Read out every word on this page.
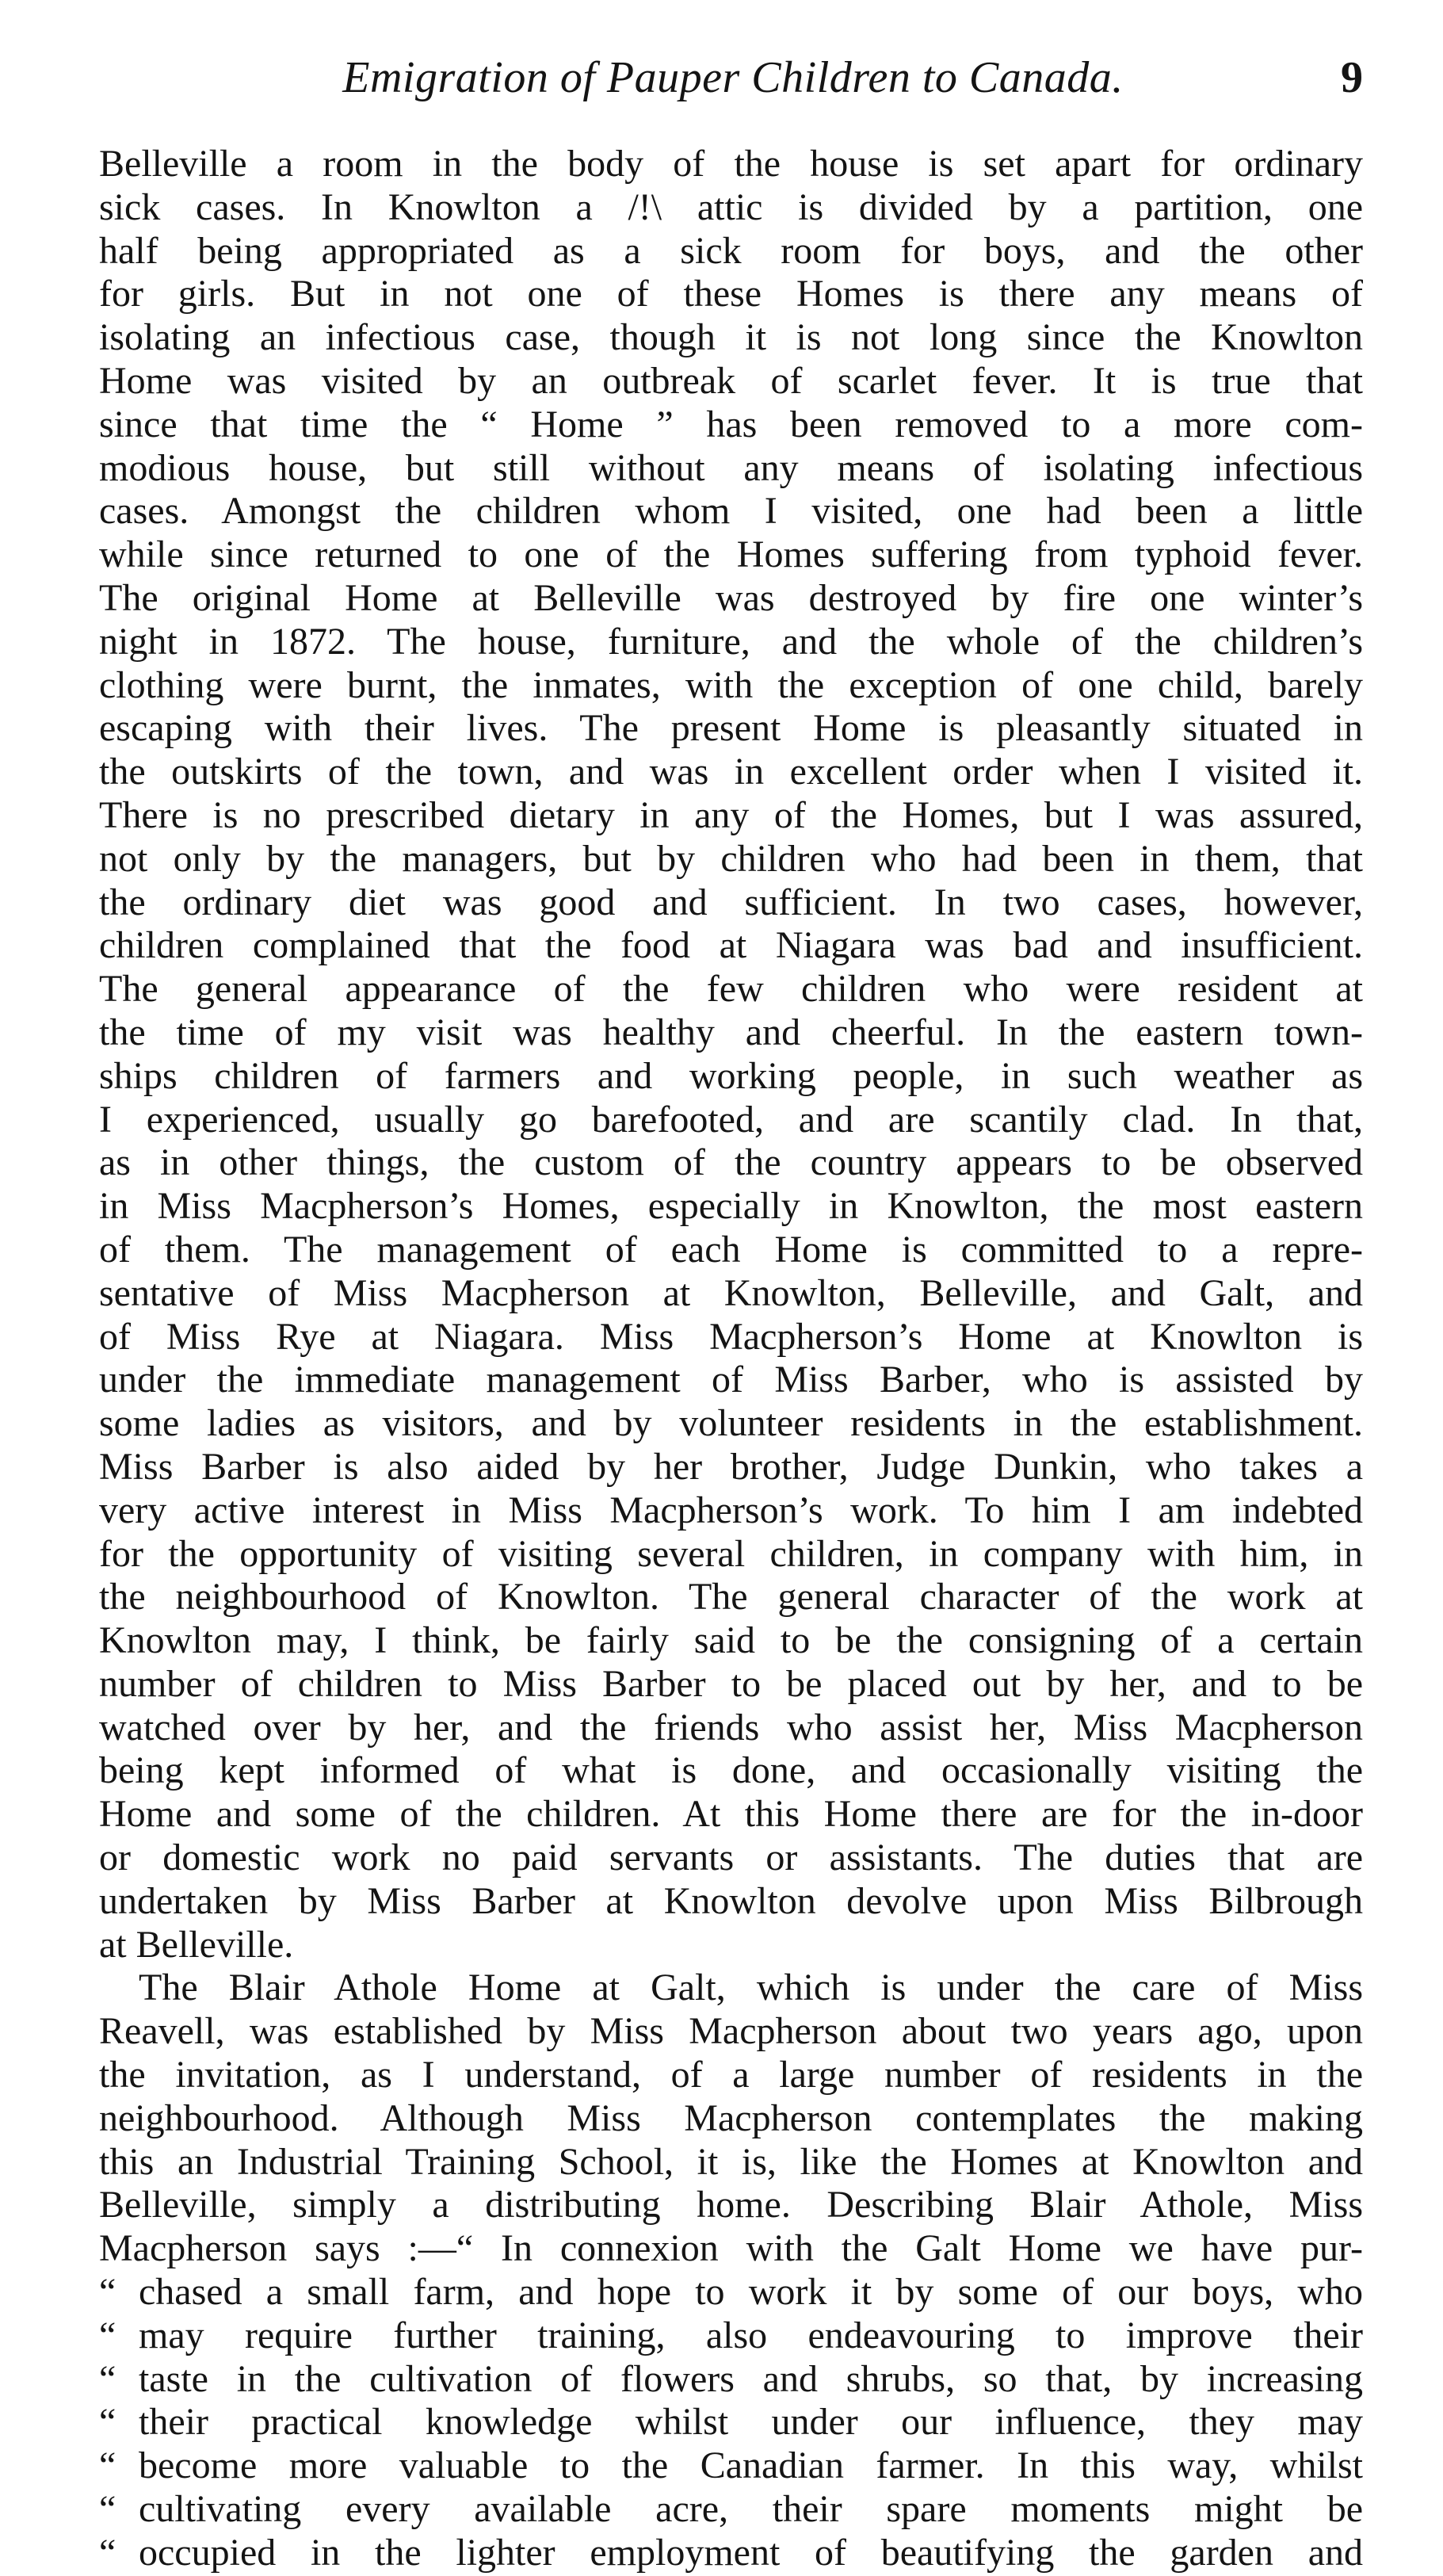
Emigration of Pauper Children to Canada.	9
Belleville a room in the body of the house is set apart for ordinary
sick cases. In Knowlton a /!\ attic is divided by a partition, one
half being appropriated as a sick room for boys, and the other
for girls. But in not one of these Homes is there any means of
isolating an infectious case, though it is not long since the Knowlton
Home was visited by an outbreak of scarlet fever. It is true that
since that time the “ Home ” has been removed to a more com-
modious house, but still without any means of isolating infectious
cases. Amongst the children whom I visited, one had been a little
while since returned to one of the Homes suffering from typhoid fever.
The original Home at Belleville was destroyed by fire one winter’s
night in 1872. The house, furniture, and the whole of the children’s
clothing were burnt, the inmates, with the exception of one child, barely
escaping with their lives. The present Home is pleasantly situated in
the outskirts of the town, and was in excellent order when I visited it.
There is no prescribed dietary in any of the Homes, but I was assured,
not only by the managers, but by children who had been in them, that
the ordinary diet was good and sufficient. In two cases, however,
children complained that the food at Niagara was bad and insufficient.
The general appearance of the few children who were resident at
the time of my visit was healthy and cheerful. In the eastern town-
ships children of farmers and working people, in such weather as
I experienced, usually go barefooted, and are scantily clad. In that,
as in other things, the custom of the country appears to be observed
in Miss Macpherson’s Homes, especially in Knowlton, the most eastern
of them. The management of each Home is committed to a repre-
sentative of Miss Macpherson at Knowlton, Belleville, and Galt, and
of Miss Rye at Niagara. Miss Macpherson’s Home at Knowlton is
under the immediate management of Miss Barber, who is assisted by
some ladies as visitors, and by volunteer residents in the establishment.
Miss Barber is also aided by her brother, Judge Dunkin, who takes a
very active interest in Miss Macpherson’s work. To him I am indebted
for the opportunity of visiting several children, in company with him, in
the neighbourhood of Knowlton. The general character of the work at
Knowlton may, I think, be fairly said to be the consigning of a certain
number of children to Miss Barber to be placed out by her, and to be
watched over by her, and the friends who assist her, Miss Macpherson
being kept informed of what is done, and occasionally visiting the
Home and some of the children. At this Home there are for the in-door
or domestic work no paid servants or assistants. The duties that are
undertaken by Miss Barber at Knowlton devolve upon Miss Bilbrough
at Belleville.
The Blair Athole Home at Galt, which is under the care of Miss
Reavell, was established by Miss Macpherson about two years ago, upon
the invitation, as I understand, of a large number of residents in the
neighbourhood. Although Miss Macpherson contemplates the making
this an Industrial Training School, it is, like the Homes at Knowlton and
Belleville, simply a distributing home. Describing Blair Athole, Miss
Macpherson says :—“ In connexion with the Galt Home we have pur-
“ chased a small farm, and hope to work it by some of our boys, who
“ may require further training, also endeavouring to improve their
“ taste in the cultivation of flowers and shrubs, so that, by increasing
“ their practical knowledge whilst under our influence, they may
“ become more valuable to the Canadian farmer. In this way, whilst
“ cultivating every available acre, their spare moments might be
“ occupied in the lighter employment of beautifying the garden and
